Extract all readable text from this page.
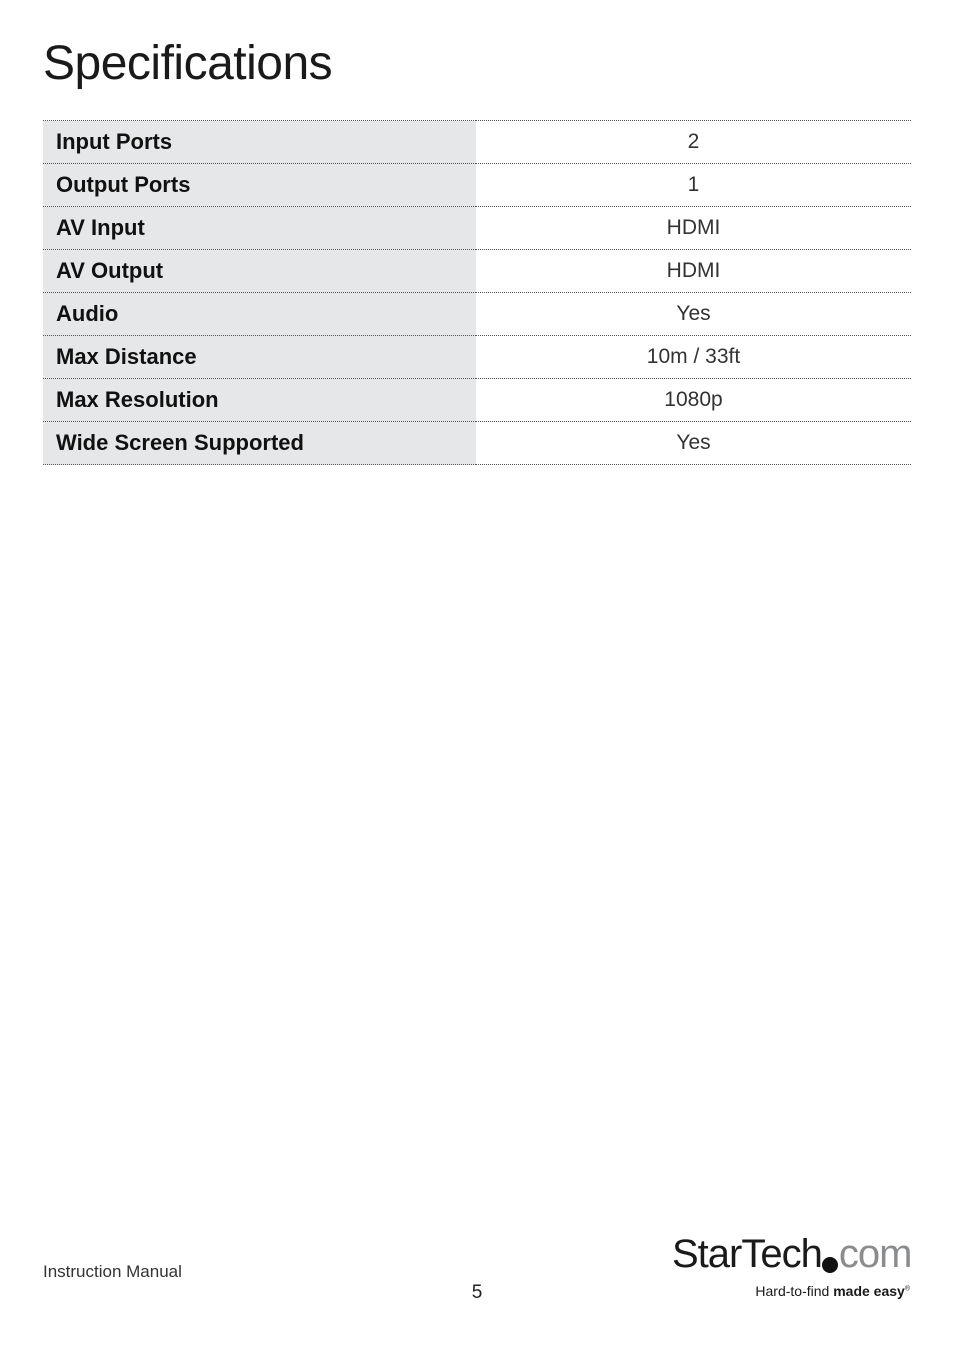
Specifications
Input Ports	2
Output Ports	1
AV Input	HDMI
AV Output	HDMI
Audio	Yes
Max Distance	10m / 33ft
Max Resolution	1080p
Wide Screen Supported	Yes
Instruction Manual
5
StarTech com
Hard-to-find made easy®
